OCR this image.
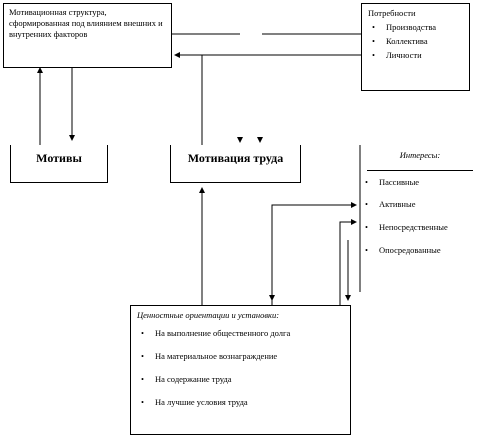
Мотивационная структура, сформированная под влиянием внешних и внутренних факторов
Потребности
• Производства
• Коллектива
• Личности
$_{Мотивы}$	$_{Мотивация труда}$	Интересы:
• Пассивные
• Активные
• Непосредственные
• Опосредованные
Ценностные ориентации и установки:
• На выполнение общественного долга
• На материальное вознаграждение
• На содержание труда
• На лучшие условия труда
